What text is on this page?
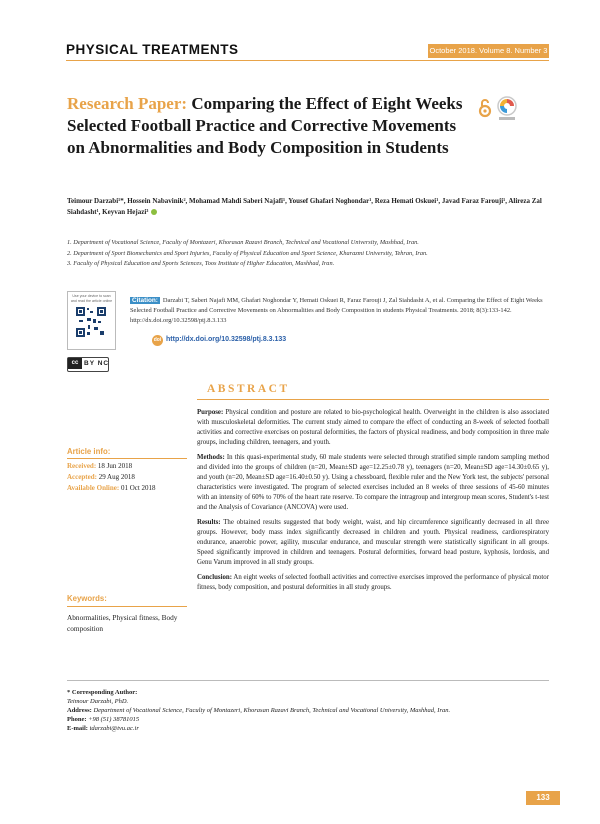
PHYSICAL TREATMENTS	October 2018. Volume 8. Number 3
Research Paper: Comparing the Effect of Eight Weeks Selected Football Practice and Corrective Movements on Abnormalities and Body Composition in Students
Teimour Darzabi¹*, Hossein Nabavinik², Mohamad Mahdi Saberi Najafi¹, Yousef Ghafari Noghondar¹, Reza Hemati Oskuei¹, Javad Faraz Farouji¹, Alireza Zal Siahdasht¹, Keyvan Hejazi³
1. Department of Vocational Science, Faculty of Montazeri, Khorasan Razavi Branch, Technical and Vocational University, Mashhad, Iran.
2. Department of Sport Biomechanics and Sport Injuries, Faculty of Physical Education and Sport Science, Kharazmi University, Tehran, Iran.
3. Faculty of Physical Education and Sports Sciences, Toos Institute of Higher Education, Mashhad, Iran.
Use your device to scan and read the article online	Citation: Darzabi T, Saberi Najafi MM, Ghafari Noghondar Y, Hemati Oskuei R, Faraz Farouji J, Zal Siahdasht A, et al. Comparing the Effect of Eight Weeks Selected Football Practice and Corrective Movements on Abnormalities and Body Composition in students Physical Treatments. 2018; 8(3):133-142. http://dx.doi.org/10.32598/ptj.8.3.133
doi http://dx.doi.org/10.32598/ptj.8.3.133
cc BY NC
ABSTRACT
Article info:
Received: 18 Jun 2018
Accepted: 29 Aug 2018
Available Online: 01 Oct 2018
Keywords:
Abnormalities, Physical fitness, Body composition

Purpose: Physical condition and posture are related to bio-psychological health. Overweight in the children is also associated with musculoskeletal deformities. The current study aimed to compare the effect of conducting an 8-week of selected football activities and corrective exercises on postural deformities, the factors of physical readiness, and body composition in three male groups, including children, teenagers, and youth.

Methods: In this quasi-experimental study, 60 male students were selected through stratified simple random sampling method and divided into the groups of children (n=20, Mean±SD age=12.25±0.78 y), teenagers (n=20, Mean±SD age=14.30±0.65 y), and youth (n=20, Mean±SD age=16.40±0.50 y). Using a chessboard, flexible ruler and the New York test, the subjects' personal characteristics were investigated. The program of selected exercises included an 8 weeks of three sessions of 45-60 minutes with an intensity of 60% to 70% of the heart rate reserve. To compare the intragroup and intergroup mean scores, Student's t-test and the Analysis of Covariance (ANCOVA) were used.

Results: The obtained results suggested that body weight, waist, and hip circumference significantly decreased in all three groups. However, body mass index significantly decreased in children and youth. Physical readiness, cardiorespiratory endurance, anaerobic power, agility, muscular endurance, and muscular strength were statistically significant in all groups. Speed significantly improved in children and teenagers. Postural deformities, forward head posture, kyphosis, lordosis, and Genu Varum improved in all study groups.

Conclusion: An eight weeks of selected football activities and corrective exercises improved the performance of physical motor fitness, body composition, and postural deformities in all study groups.

* Corresponding Author:
Teimour Darzabi, PhD.
Address: Department of Vocational Science, Faculty of Montazeri, Khorasan Razavi Branch, Technical and Vocational University, Mashhad, Iran.
Phone: +98 (51) 38781015
E-mail: tdarzabi@tvu.ac.ir
133
